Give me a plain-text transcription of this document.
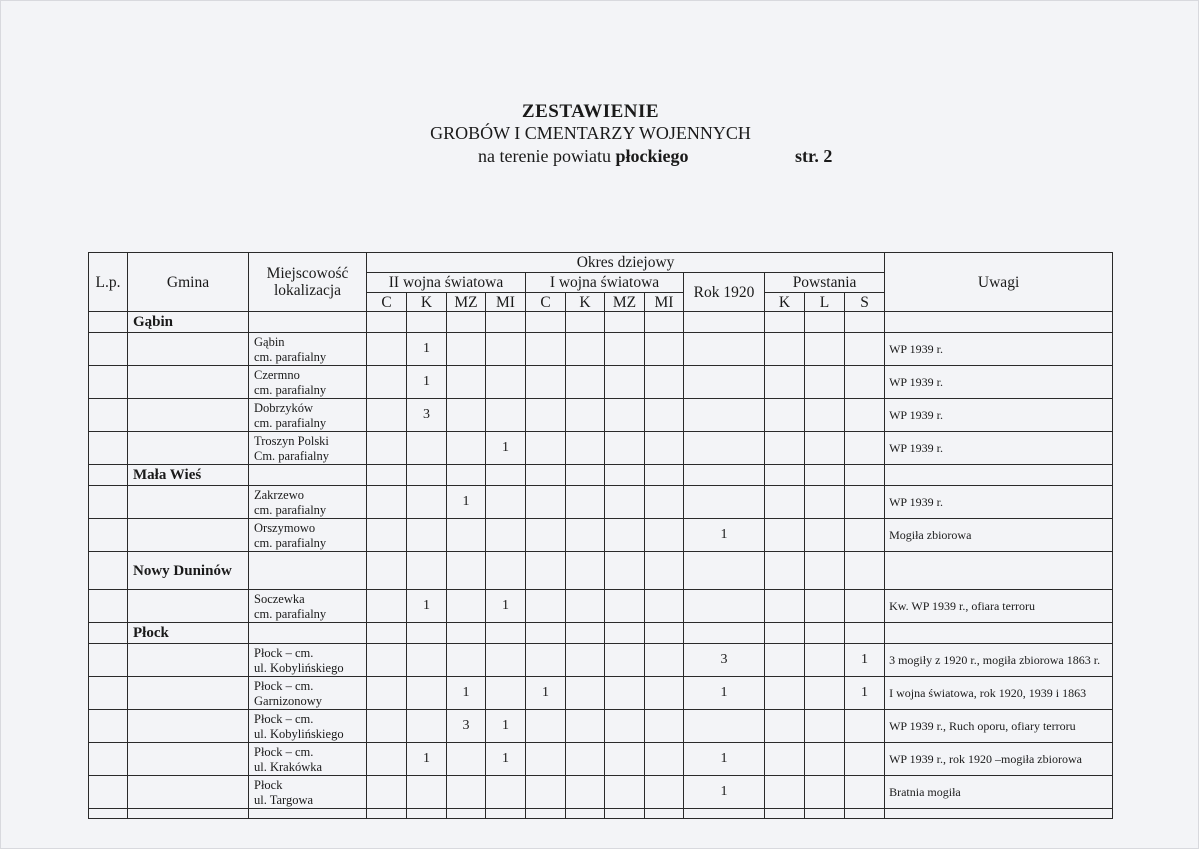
ZESTAWIENIE
GROBÓW I CMENTARZY WOJENNYCH
na terenie powiatu płockiego	str. 2
L.p.	Gmina	Miejscowość lokalizacja	Okres dziejowy												Uwagi
			II wojna światowa				I wojna światowa				Rok 1920	Powstania			
			C	K	MZ	MI	C	K	MZ	MI		K	L	S	
	Gąbin														

		Gąbin
cm. parafialny		1											WP 1939 r.

		Czermno
cm. parafialny		1											WP 1939 r.

		Dobrzyków
cm. parafialny		3											WP 1939 r.

		Troszyn Polski
Cm. parafialny				1									WP 1939 r.
	Mała Wieś														

		Zakrzewo
cm. parafialny			1										WP 1939 r.

		Orszymowo
cm. parafialny									1				Mogiła zbiorowa
	Nowy Duninów														

		Soczewka
cm. parafialny		1		1									Kw. WP 1939 r., ofiara terroru
	Płock														

		Płock – cm.
ul. Kobylińskiego									3			1	3 mogiły z 1920 r., mogiła zbiorowa 1863 r.

		Płock – cm.
Garnizonowy			1		1				1			1	I wojna światowa, rok 1920, 1939 i 1863

		Płock – cm.
ul. Kobylińskiego			3	1									WP 1939 r., Ruch oporu, ofiary terroru

		Płock – cm.
ul. Krakówka		1		1					1				WP 1939 r., rok 1920 –mogiła zbiorowa

		Płock
ul. Targowa									1				Bratnia mogiła
